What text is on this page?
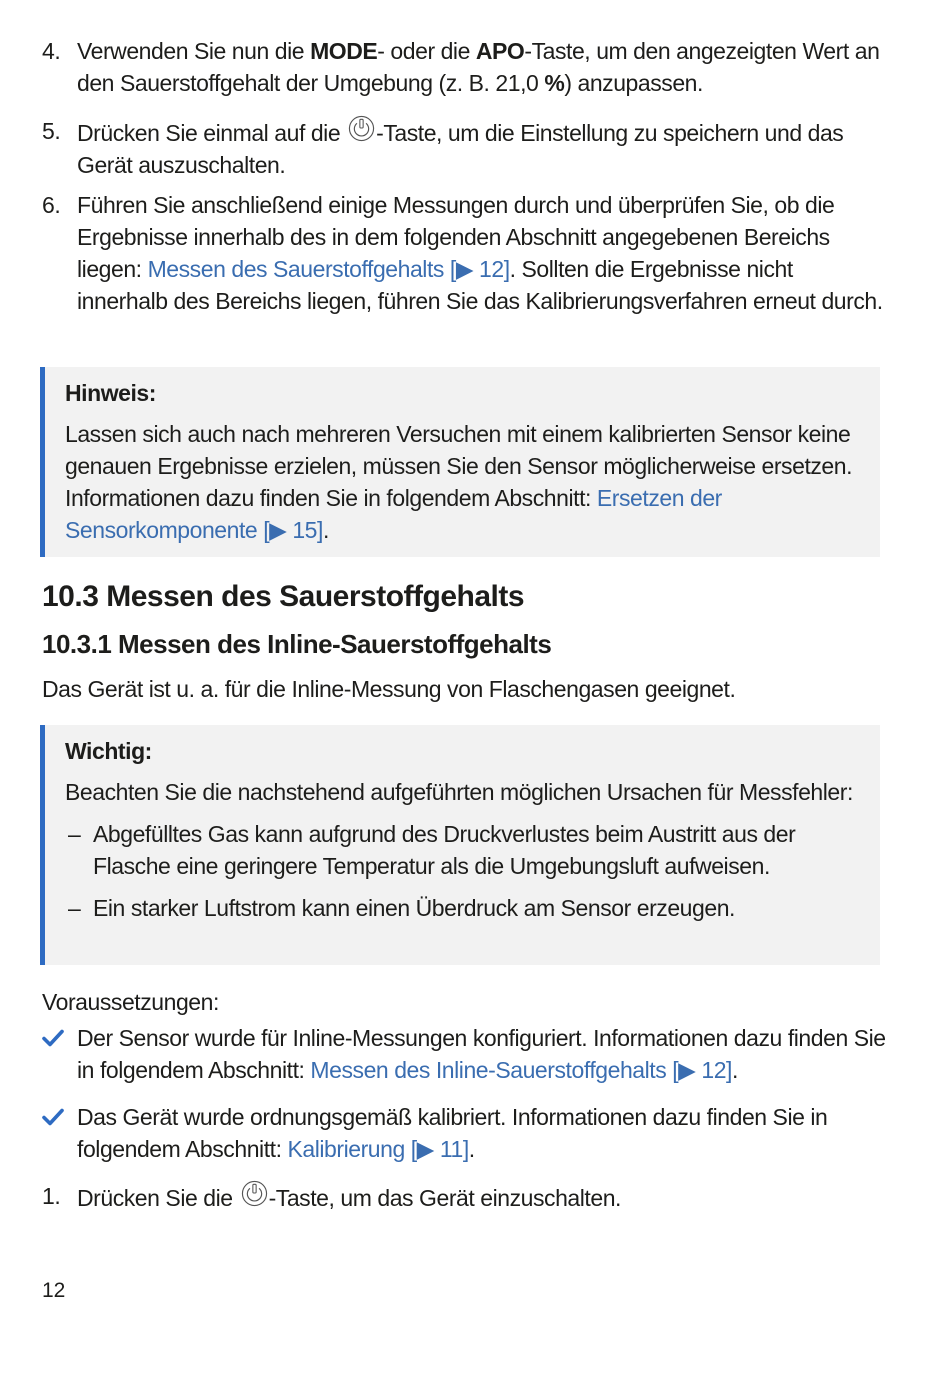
4. Verwenden Sie nun die MODE- oder die APO-Taste, um den angezeigten Wert an den Sauerstoffgehalt der Umgebung (z. B. 21,0 %) anzupassen.
5. Drücken Sie einmal auf die -Taste, um die Einstellung zu speichern und das Gerät auszuschalten.
6. Führen Sie anschließend einige Messungen durch und überprüfen Sie, ob die Ergebnisse innerhalb des in dem folgenden Abschnitt angegebenen Bereichs liegen: Messen des Sauerstoffgehalts [▶ 12]. Sollten die Ergebnisse nicht innerhalb des Bereichs liegen, führen Sie das Kalibrierungsverfahren erneut durch.
Hinweis:
Lassen sich auch nach mehreren Versuchen mit einem kalibrierten Sensor keine genauen Ergebnisse erzielen, müssen Sie den Sensor möglicherweise ersetzen. Informationen dazu finden Sie in folgendem Abschnitt: Ersetzen der Sensorkomponente [▶ 15].
10.3 Messen des Sauerstoffgehalts
10.3.1 Messen des Inline-Sauerstoffgehalts
Das Gerät ist u. a. für die Inline-Messung von Flaschengasen geeignet.
Wichtig:
Beachten Sie die nachstehend aufgeführten möglichen Ursachen für Messfehler:
– Abgefülltes Gas kann aufgrund des Druckverlustes beim Austritt aus der Flasche eine geringere Temperatur als die Umgebungsluft aufweisen.
– Ein starker Luftstrom kann einen Überdruck am Sensor erzeugen.
Voraussetzungen:
Der Sensor wurde für Inline-Messungen konfiguriert. Informationen dazu finden Sie in folgendem Abschnitt: Messen des Inline-Sauerstoffgehalts [▶ 12].
Das Gerät wurde ordnungsgemäß kalibriert. Informationen dazu finden Sie in folgendem Abschnitt: Kalibrierung [▶ 11].
1. Drücken Sie die -Taste, um das Gerät einzuschalten.
12
